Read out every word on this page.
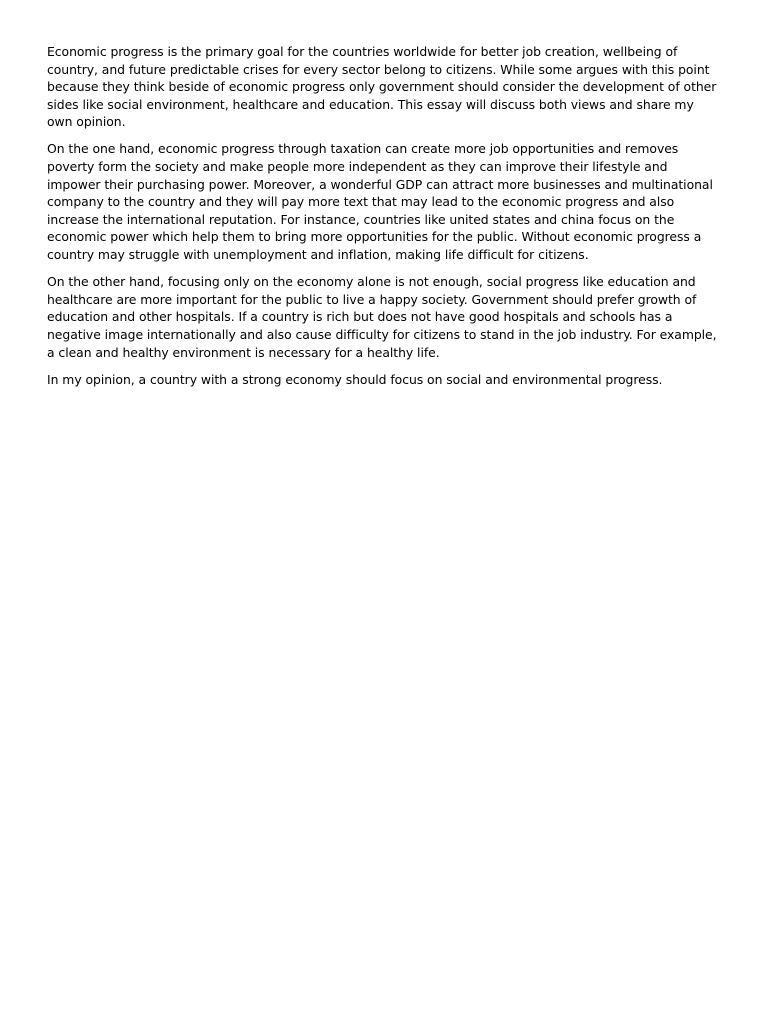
Economic progress is the primary goal for the countries worldwide for better job creation, wellbeing of country, and future predictable crises for every sector belong to citizens. While some argues with this point because they think beside of economic progress only government should consider the development of other sides like social environment, healthcare and education. This essay will discuss both views and share my own opinion.

On the one hand, economic progress through taxation can create more job opportunities and removes poverty form the society and make people more independent as they can improve their lifestyle and impower their purchasing power. Moreover, a wonderful GDP can attract more businesses and multinational company to the country and they will pay more text that may lead to the economic progress and also increase the international reputation. For instance, countries like united states and china focus on the economic power which help them to bring more opportunities for the public. Without economic progress a country may struggle with unemployment and inflation, making life difficult for citizens.

On the other hand, focusing only on the economy alone is not enough, social progress like education and healthcare are more important for the public to live a happy society. Government should prefer growth of education and other hospitals. If a country is rich but does not have good hospitals and schools has a negative image internationally and also cause difficulty for citizens to stand in the job industry. For example, a clean and healthy environment is necessary for a healthy life.

In my opinion, a country with a strong economy should focus on social and environmental progress.
